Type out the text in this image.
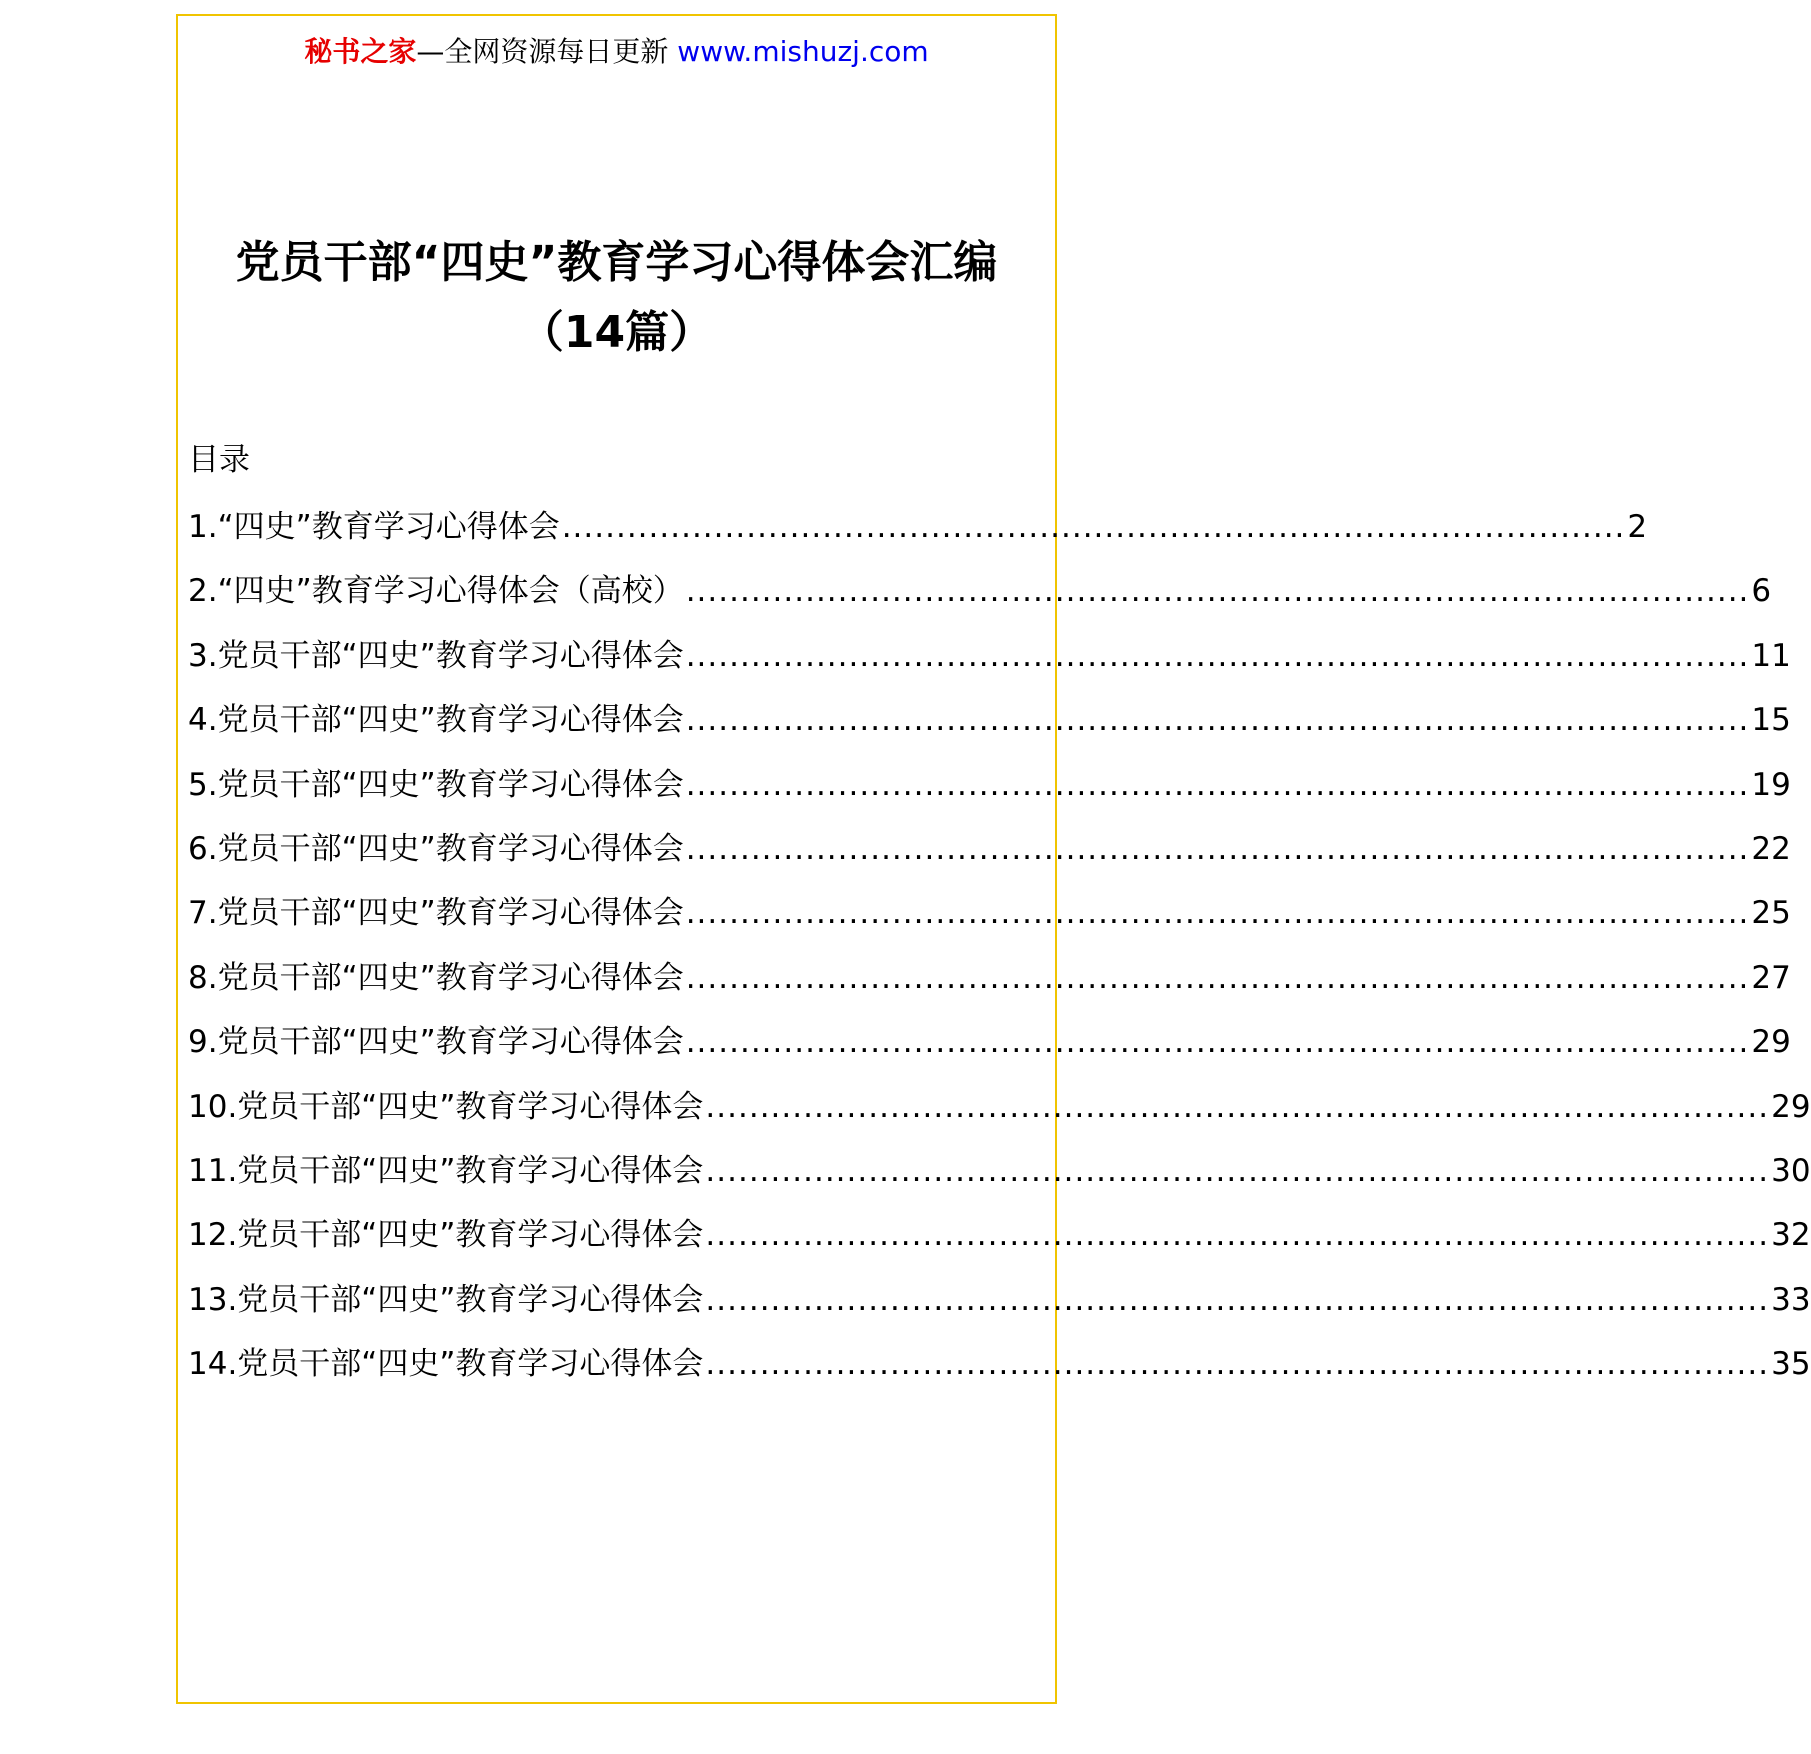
秘书之家—全网资源每日更新 www.mishuzj.com
党员干部“四史”教育学习心得体会汇编
（14篇）
目录
1.“四史”教育学习心得体会 .................................................................................................. 2
2.“四史”教育学习心得体会（高校） .................................................................................................. 6
3.党员干部“四史”教育学习心得体会 .................................................................................................. 11
4.党员干部“四史”教育学习心得体会 .................................................................................................. 15
5.党员干部“四史”教育学习心得体会 .................................................................................................. 19
6.党员干部“四史”教育学习心得体会 .................................................................................................. 22
7.党员干部“四史”教育学习心得体会 .................................................................................................. 25
8.党员干部“四史”教育学习心得体会 .................................................................................................. 27
9.党员干部“四史”教育学习心得体会 .................................................................................................. 29
10.党员干部“四史”教育学习心得体会 .................................................................................................. 29
11.党员干部“四史”教育学习心得体会 .................................................................................................. 30
12.党员干部“四史”教育学习心得体会 .................................................................................................. 32
13.党员干部“四史”教育学习心得体会 .................................................................................................. 33
14.党员干部“四史”教育学习心得体会 .................................................................................................. 35
